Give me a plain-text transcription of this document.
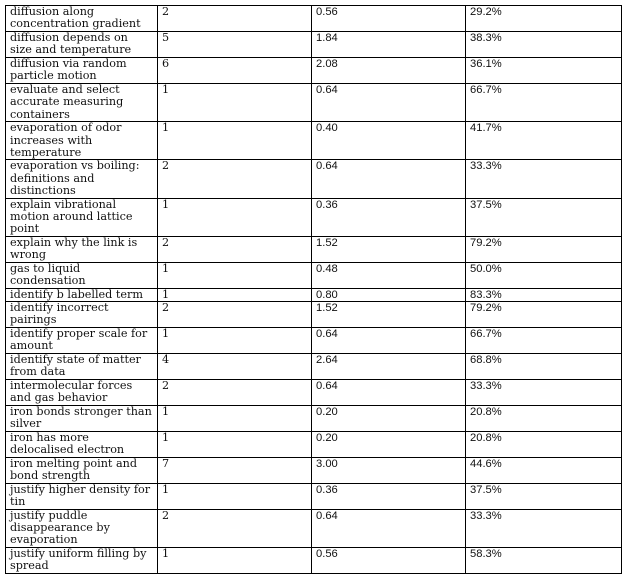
diffusion along concentration gradient	2	0.56	29.2%
diffusion depends on size and temperature	5	1.84	38.3%
diffusion via random particle motion	6	2.08	36.1%
evaluate and select accurate measuring containers	1	0.64	66.7%
evaporation of odor increases with temperature	1	0.40	41.7%
evaporation vs boiling: definitions and distinctions	2	0.64	33.3%
explain vibrational motion around lattice point	1	0.36	37.5%
explain why the link is wrong	2	1.52	79.2%
gas to liquid condensation	1	0.48	50.0%
identify b labelled term	1	0.80	83.3%
identify incorrect pairings	2	1.52	79.2%
identify proper scale for amount	1	0.64	66.7%
identify state of matter from data	4	2.64	68.8%
intermolecular forces and gas behavior	2	0.64	33.3%
iron bonds stronger than silver	1	0.20	20.8%
iron has more delocalised electron	1	0.20	20.8%
iron melting point and bond strength	7	3.00	44.6%
justify higher density for tin	1	0.36	37.5%
justify puddle disappearance by evaporation	2	0.64	33.3%
justify uniform filling by spread	1	0.56	58.3%
